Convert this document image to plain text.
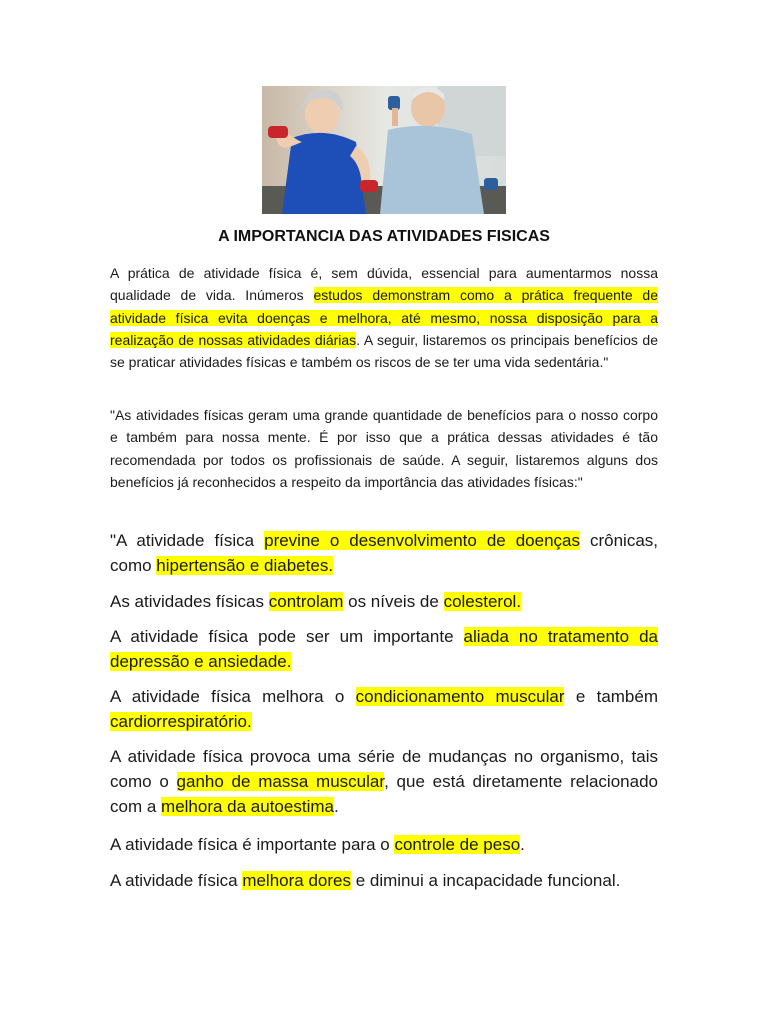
A IMPORTANCIA DAS ATIVIDADES FISICAS

A prática de atividade física é, sem dúvida, essencial para aumentarmos nossa qualidade de vida. Inúmeros estudos demonstram como a prática frequente de atividade física evita doenças e melhora, até mesmo, nossa disposição para a realização de nossas atividades diárias. A seguir, listaremos os principais benefícios de se praticar atividades físicas e também os riscos de se ter uma vida sedentária."

"As atividades físicas geram uma grande quantidade de benefícios para o nosso corpo e também para nossa mente. É por isso que a prática dessas atividades é tão recomendada por todos os profissionais de saúde. A seguir, listaremos alguns dos benefícios já reconhecidos a respeito da importância das atividades físicas:"

"A atividade física previne o desenvolvimento de doenças crônicas, como hipertensão e diabetes.

As atividades físicas controlam os níveis de colesterol.

A atividade física pode ser um importante aliada no tratamento da depressão e ansiedade.

A atividade física melhora o condicionamento muscular e também cardiorrespiratório.

A atividade física provoca uma série de mudanças no organismo, tais como o ganho de massa muscular, que está diretamente relacionado com a melhora da autoestima.

A atividade física é importante para o controle de peso.

A atividade física melhora dores e diminui a incapacidade funcional.
